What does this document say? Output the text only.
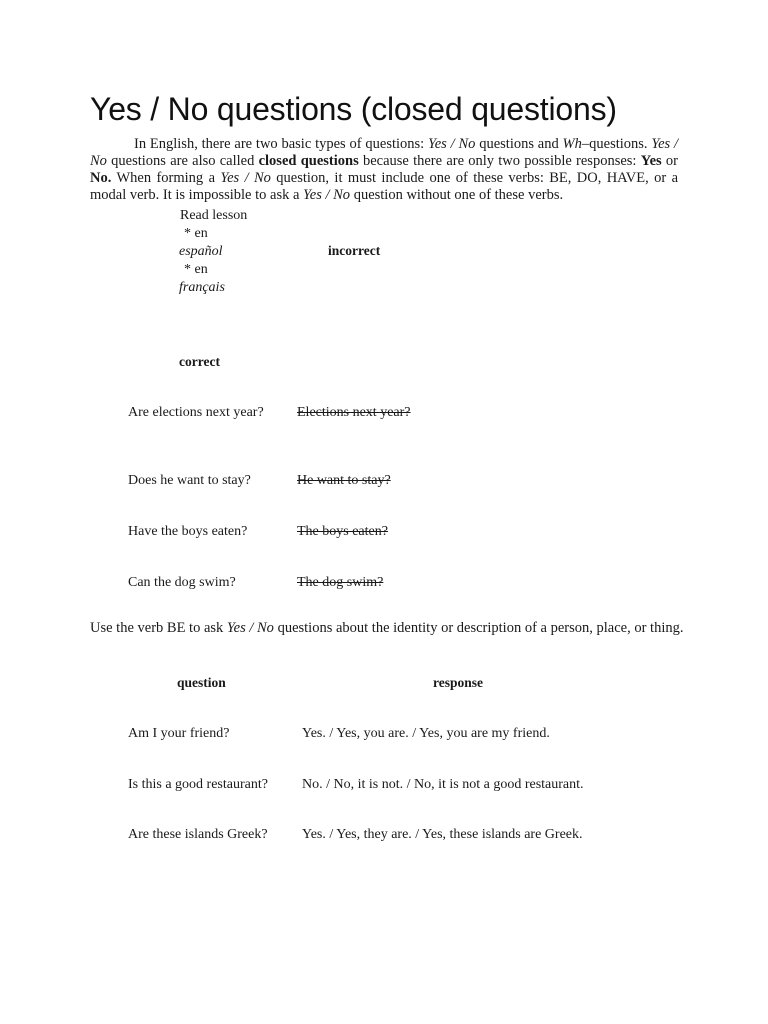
Yes / No questions (closed questions)

In English, there are two basic types of questions: Yes / No questions and Wh–questions. Yes / No questions are also called closed questions because there are only two possible responses: Yes or No. When forming a Yes / No question, it must include one of these verbs: BE, DO, HAVE, or a modal verb. It is impossible to ask a Yes / No question without one of these verbs.

Read lesson
* en
español
* en
français
incorrect
correct
Are elections next year?	Elections next year?
Does he want to stay?	He want to stay?
Have the boys eaten?	The boys eaten?
Can the dog swim?	The dog swim?

Use the verb BE to ask Yes / No questions about the identity or description of a person, place, or thing.

question	response
Am I your friend?	Yes. / Yes, you are. / Yes, you are my friend.
Is this a good restaurant? No. / No, it is not. / No, it is not a good restaurant.
Are these islands Greek? Yes. / Yes, they are. / Yes, these islands are Greek.
